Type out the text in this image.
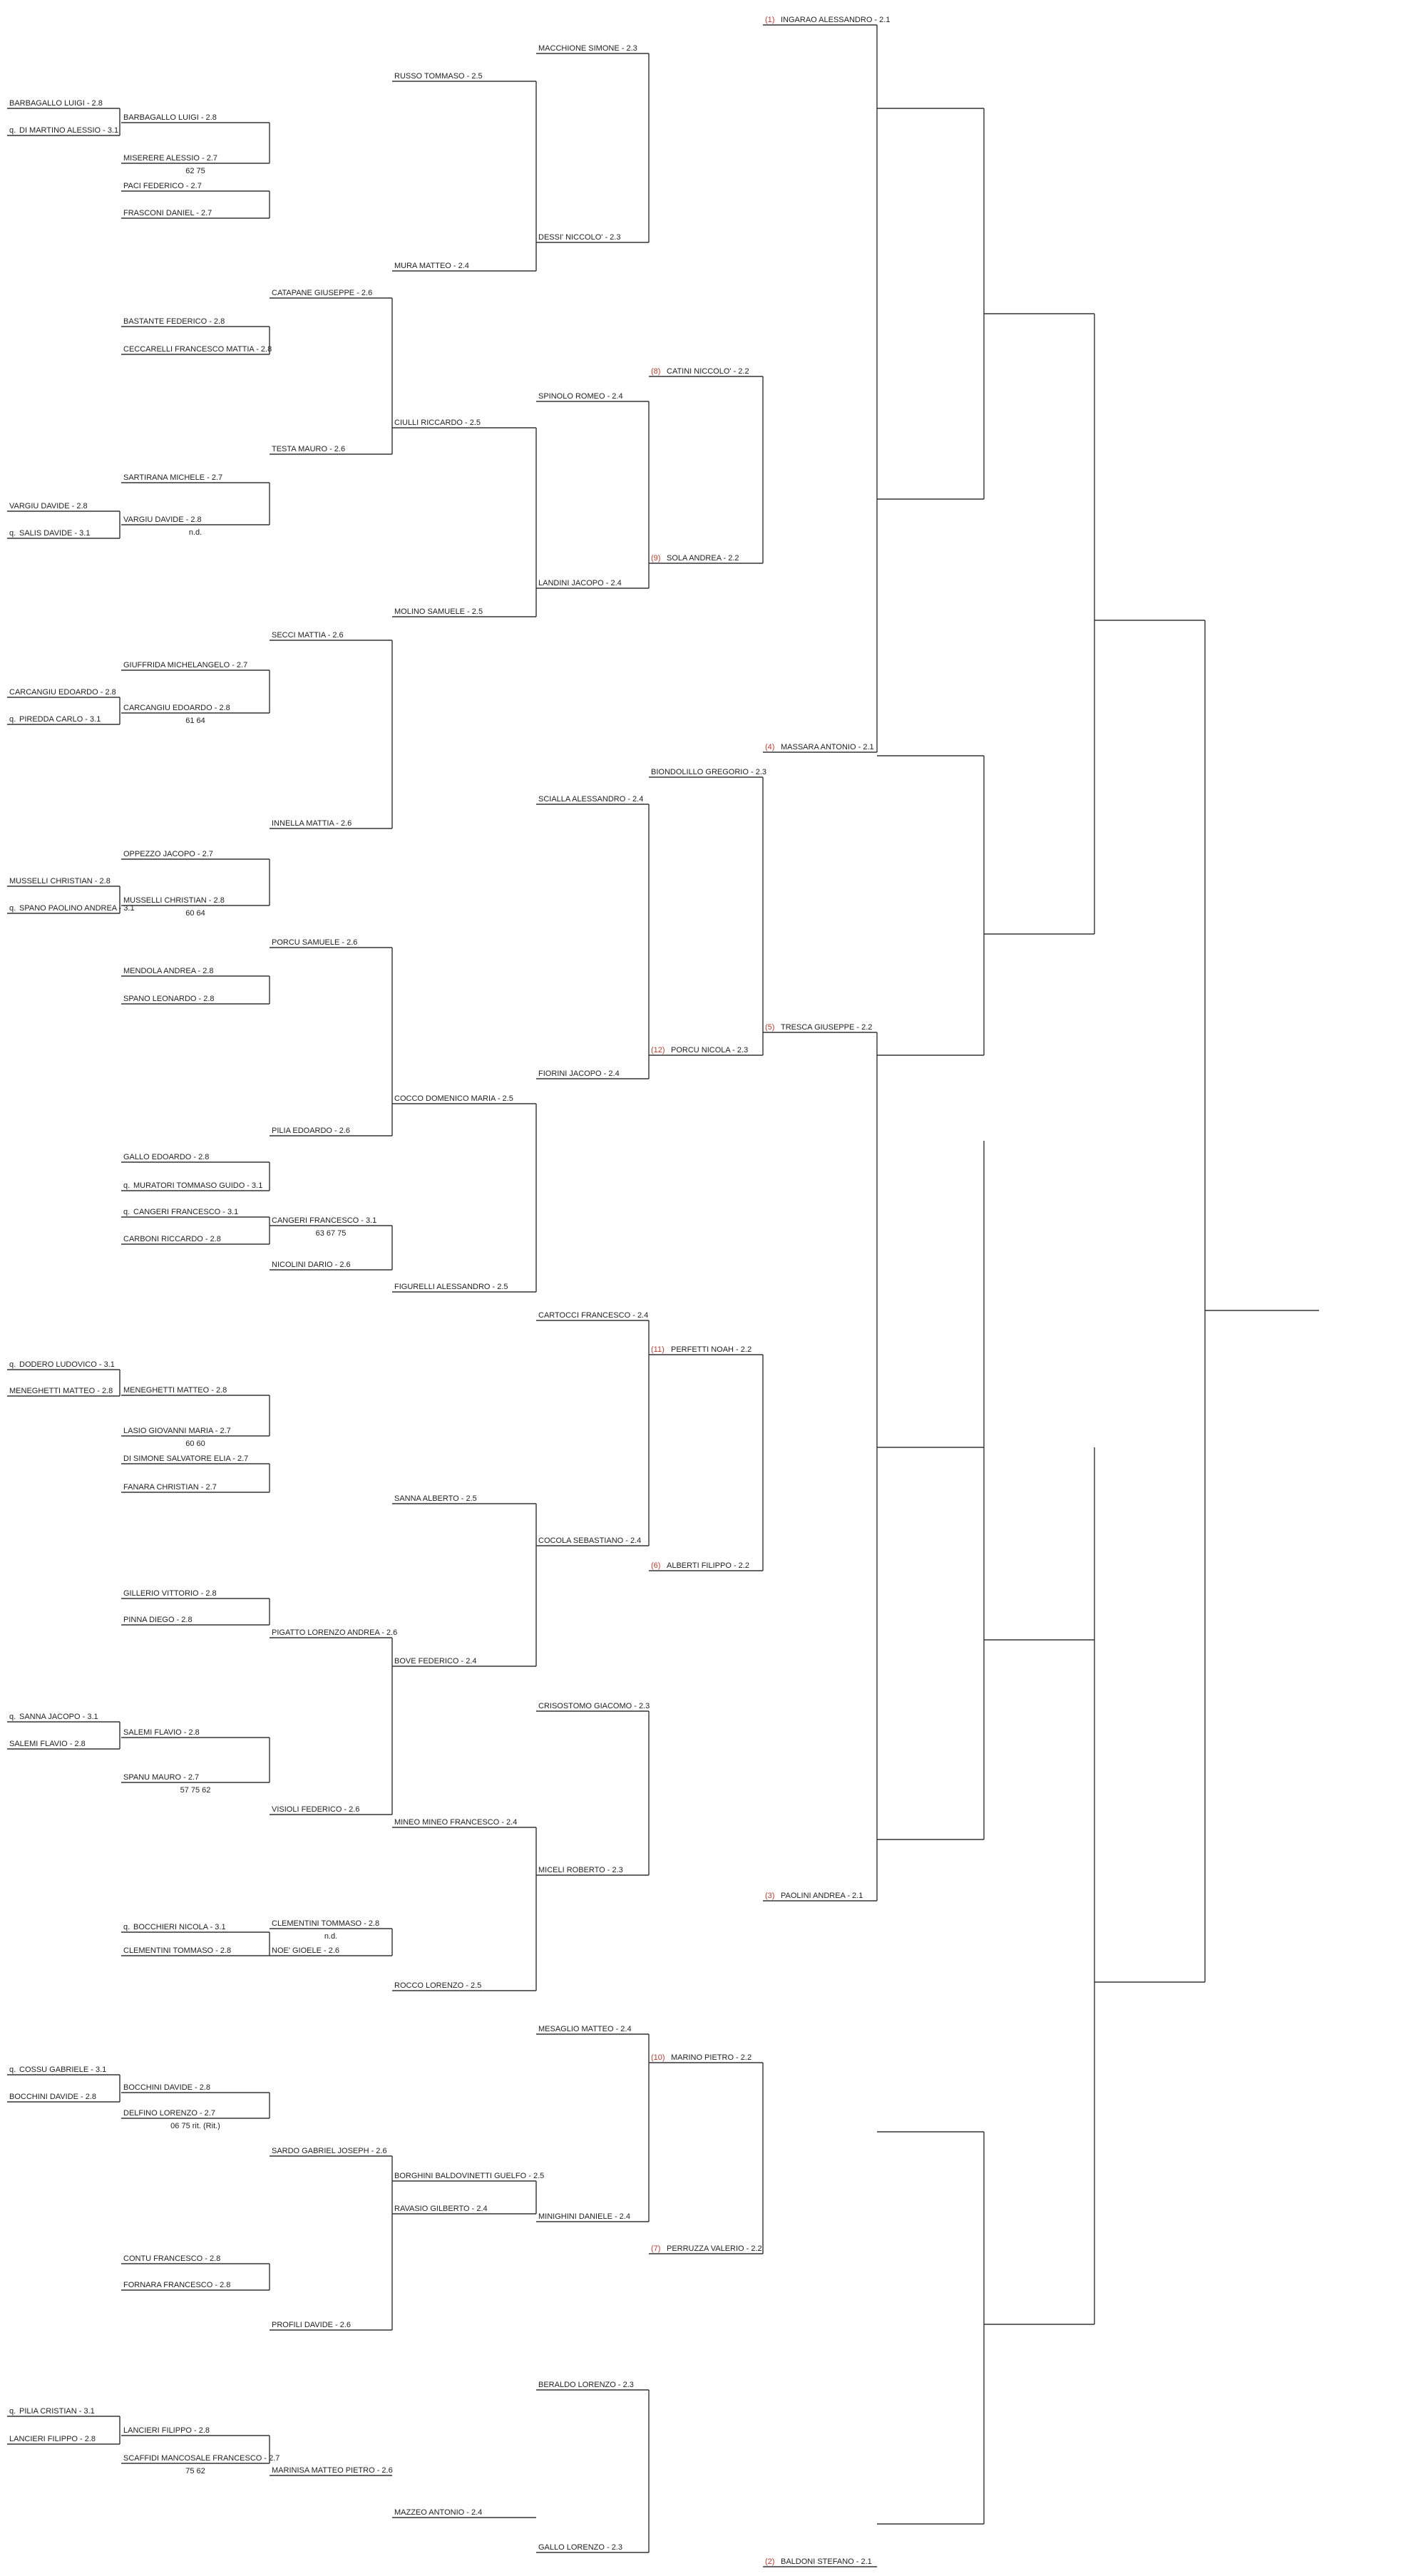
BARBAGALLO LUIGI - 2.8
q. DI MARTINO ALESSIO - 3.1
VARGIU DAVIDE - 2.8
q. SALIS DAVIDE - 3.1
CARCANGIU EDOARDO - 2.8
q. PIREDDA CARLO - 3.1
MUSSELLI CHRISTIAN - 2.8
q. SPANO PAOLINO ANDREA - 3.1
q. DODERO LUDOVICO - 3.1
MENEGHETTI MATTEO - 2.8
q. SANNA JACOPO - 3.1
SALEMI FLAVIO - 2.8
q. COSSU GABRIELE - 3.1
BOCCHINI DAVIDE - 2.8
q. PILIA CRISTIAN - 3.1
LANCIERI FILIPPO - 2.8
BARBAGALLO LUIGI - 2.8
MISERERE ALESSIO - 2.7
62 75
PACI FEDERICO - 2.7
FRASCONI DANIEL - 2.7
BASTANTE FEDERICO - 2.8
CECCARELLI FRANCESCO MATTIA - 2.8
SARTIRANA MICHELE - 2.7
VARGIU DAVIDE - 2.8
n.d.
GIUFFRIDA MICHELANGELO - 2.7
CARCANGIU EDOARDO - 2.8
61 64
OPPEZZO JACOPO - 2.7
MUSSELLI CHRISTIAN - 2.8
60 64
MENDOLA ANDREA - 2.8
SPANO LEONARDO - 2.8
GALLO EDOARDO - 2.8
q. MURATORI TOMMASO GUIDO - 3.1
q. CANGERI FRANCESCO - 3.1
CARBONI RICCARDO - 2.8
MENEGHETTI MATTEO - 2.8
LASIO GIOVANNI MARIA - 2.7
60 60
DI SIMONE SALVATORE ELIA - 2.7
FANARA CHRISTIAN - 2.7
GILLERIO VITTORIO - 2.8
PINNA DIEGO - 2.8
SALEMI FLAVIO - 2.8
SPANU MAURO - 2.7
57 75 62
q. BOCCHIERI NICOLA - 3.1
CLEMENTINI TOMMASO - 2.8
BOCCHINI DAVIDE - 2.8
DELFINO LORENZO - 2.7
06 75 rit. (Rit.)
CONTU FRANCESCO - 2.8
FORNARA FRANCESCO - 2.8
LANCIERI FILIPPO - 2.8
SCAFFIDI MANCOSALE FRANCESCO - 2.7
75 62
CATAPANE GIUSEPPE - 2.6
TESTA MAURO - 2.6
SECCI MATTIA - 2.6
INNELLA MATTIA - 2.6
PORCU SAMUELE - 2.6
PILIA EDOARDO - 2.6
CANGERI FRANCESCO - 3.1
63 67 75
NICOLINI DARIO - 2.6
PIGATTO LORENZO ANDREA - 2.6
VISIOLI FEDERICO - 2.6
CLEMENTINI TOMMASO - 2.8
n.d.
NOE' GIOELE - 2.6
SARDO GABRIEL JOSEPH - 2.6
PROFILI DAVIDE - 2.6
MARINISA MATTEO PIETRO - 2.6
RUSSO TOMMASO - 2.5
MURA MATTEO - 2.4
CIULLI RICCARDO - 2.5
MOLINO SAMUELE - 2.5
COCCO DOMENICO MARIA - 2.5
FIGURELLI ALESSANDRO - 2.5
SANNA ALBERTO - 2.5
BOVE FEDERICO - 2.4
MINEO MINEO FRANCESCO - 2.4
ROCCO LORENZO - 2.5
BORGHINI BALDOVINETTI GUELFO - 2.5
RAVASIO GILBERTO - 2.4
MAZZEO ANTONIO - 2.4
MACCHIONE SIMONE - 2.3
DESSI' NICCOLO' - 2.3
SPINOLO ROMEO - 2.4
LANDINI JACOPO - 2.4
SCIALLA ALESSANDRO - 2.4
FIORINI JACOPO - 2.4
CARTOCCI FRANCESCO - 2.4
COCOLA SEBASTIANO - 2.4
CRISOSTOMO GIACOMO - 2.3
MICELI ROBERTO - 2.3
MESAGLIO MATTEO - 2.4
MINIGHINI DANIELE - 2.4
BERALDO LORENZO - 2.3
GALLO LORENZO - 2.3
(8) CATINI NICCOLO' - 2.2
(9) SOLA ANDREA - 2.2
BIONDOLILLO GREGORIO - 2.3
(12) PORCU NICOLA - 2.3
(11) PERFETTI NOAH - 2.2
(6) ALBERTI FILIPPO - 2.2
(10) MARINO PIETRO - 2.2
(7) PERRUZZA VALERIO - 2.2
(1) INGARAO ALESSANDRO - 2.1
(4) MASSARA ANTONIO - 2.1
(5) TRESCA GIUSEPPE - 2.2
(3) PAOLINI ANDREA - 2.1
(2) BALDONI STEFANO - 2.1
